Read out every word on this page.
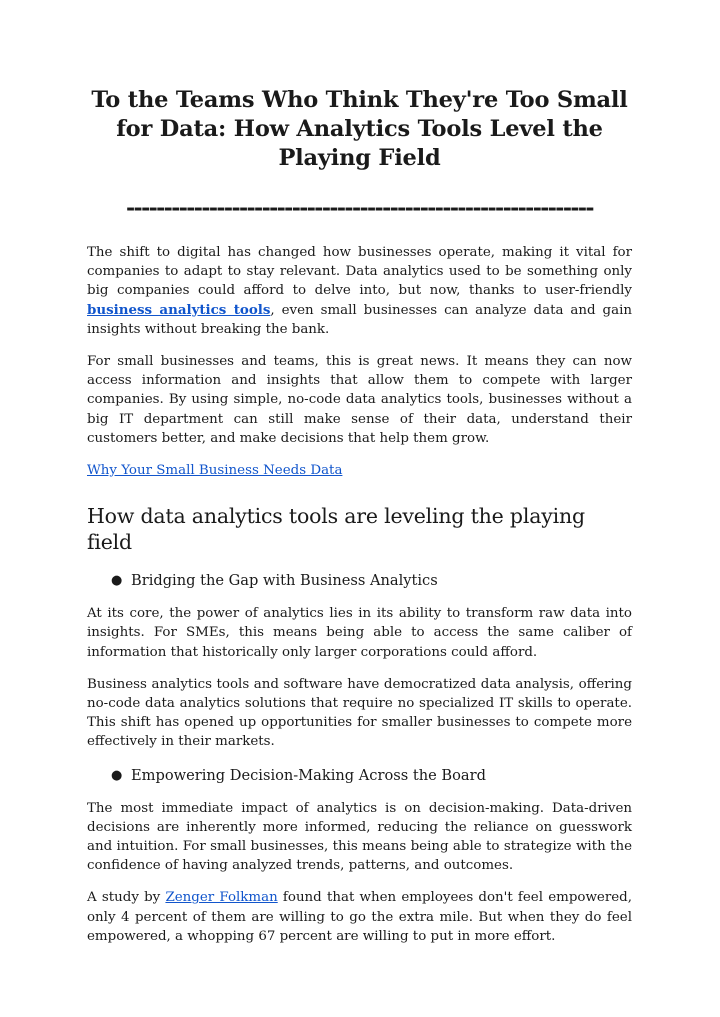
To the Teams Who Think They're Too Small for Data: How Analytics Tools Level the Playing Field
--------------------------------------------------------------

The shift to digital has changed how businesses operate, making it vital for companies to adapt to stay relevant. Data analytics used to be something only big companies could afford to delve into, but now, thanks to user-friendly business analytics tools, even small businesses can analyze data and gain insights without breaking the bank.

For small businesses and teams, this is great news. It means they can now access information and insights that allow them to compete with larger companies. By using simple, no-code data analytics tools, businesses without a big IT department can still make sense of their data, understand their customers better, and make decisions that help them grow.

Why Your Small Business Needs Data

How data analytics tools are leveling the playing field
● Bridging the Gap with Business Analytics

At its core, the power of analytics lies in its ability to transform raw data into insights. For SMEs, this means being able to access the same caliber of information that historically only larger corporations could afford.

Business analytics tools and software have democratized data analysis, offering no-code data analytics solutions that require no specialized IT skills to operate. This shift has opened up opportunities for smaller businesses to compete more effectively in their markets.

● Empowering Decision-Making Across the Board

The most immediate impact of analytics is on decision-making. Data-driven decisions are inherently more informed, reducing the reliance on guesswork and intuition. For small businesses, this means being able to strategize with the confidence of having analyzed trends, patterns, and outcomes.

A study by Zenger Folkman found that when employees don't feel empowered, only 4 percent of them are willing to go the extra mile. But when they do feel empowered, a whopping 67 percent are willing to put in more effort.
